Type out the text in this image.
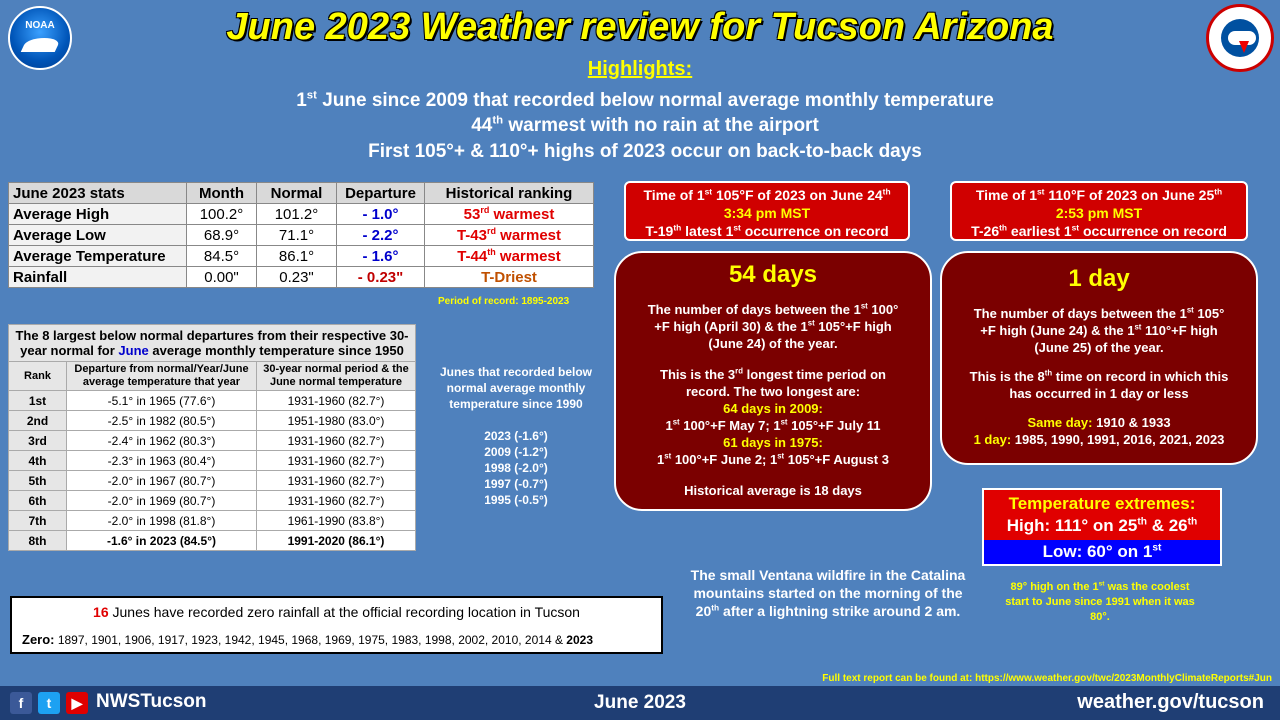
NOAA	June 2023 Weather review for Tucson Arizona
Highlights:
1st June since 2009 that recorded below normal average monthly temperature
44th warmest with no rain at the airport
First 105°+ & 110°+ highs of 2023 occur on back-to-back days
June 2023 stats	Month	Normal	Departure	Historical ranking
Average High	100.2°	101.2°	- 1.0°	53rd warmest
Average Low	68.9°	71.1°	- 2.2°	T-43rd warmest
Average Temperature	84.5°	86.1°	- 1.6°	T-44th warmest
Rainfall	0.00"	0.23"	- 0.23"	T-Driest
Period of record: 1895-2023
The 8 largest below normal departures from their respective 30-year normal for June average monthly temperature since 1950		
Rank	Departure from normal/Year/June average temperature that year	30-year normal period & the June normal temperature
1st	-5.1° in 1965 (77.6°)	1931-1960 (82.7°)
2nd	-2.5° in 1982 (80.5°)	1951-1980 (83.0°)
3rd	-2.4° in 1962 (80.3°)	1931-1960 (82.7°)
4th	-2.3° in 1963 (80.4°)	1931-1960 (82.7°)
5th	-2.0° in 1967 (80.7°)	1931-1960 (82.7°)
6th	-2.0° in 1969 (80.7°)	1931-1960 (82.7°)
7th	-2.0° in 1998 (81.8°)	1961-1990 (83.8°)
8th	-1.6° in 2023 (84.5°)	1991-2020 (86.1°)
Junes that recorded below normal average monthly temperature since 1990
2023 (-1.6°)
2009 (-1.2°)
1998 (-2.0°)
1997 (-0.7°)
1995 (-0.5°)
16 Junes have recorded zero rainfall at the official recording location in Tucson
Zero: 1897, 1901, 1906, 1917, 1923, 1942, 1945, 1968, 1969, 1975, 1983, 1998, 2002, 2010, 2014 & 2023
Time of 1st 105°F of 2023 on June 24th
3:34 pm MST
T-19th latest 1st occurrence on record
Time of 1st 110°F of 2023 on June 25th
2:53 pm MST
T-26th earliest 1st occurrence on record
54 days
The number of days between the 1st 100°+F high (April 30) & the 1st 105°+F high (June 24) of the year.
This is the 3rd longest time period on record. The two longest are:
64 days in 2009:
1st 100°+F May 7; 1st 105°+F July 11
61 days in 1975:
1st 100°+F June 2; 1st 105°+F August 3
Historical average is 18 days
1 day
The number of days between the 1st 105°+F high (June 24) & the 1st 110°+F high (June 25) of the year.
This is the 8th time on record in which this has occurred in 1 day or less
Same day: 1910 & 1933
1 day: 1985, 1990, 1991, 2016, 2021, 2023
Temperature extremes:
High: 111° on 25th & 26th
Low: 60° on 1st
89° high on the 1st was the coolest start to June since 1991 when it was 80°.
The small Ventana wildfire in the Catalina mountains started on the morning of the 20th after a lightning strike around 2 am.
Full text report can be found at: https://www.weather.gov/twc/2023MonthlyClimateReports#Jun
f	t	▶ NWSTucson	June 2023	weather.gov/tucson
